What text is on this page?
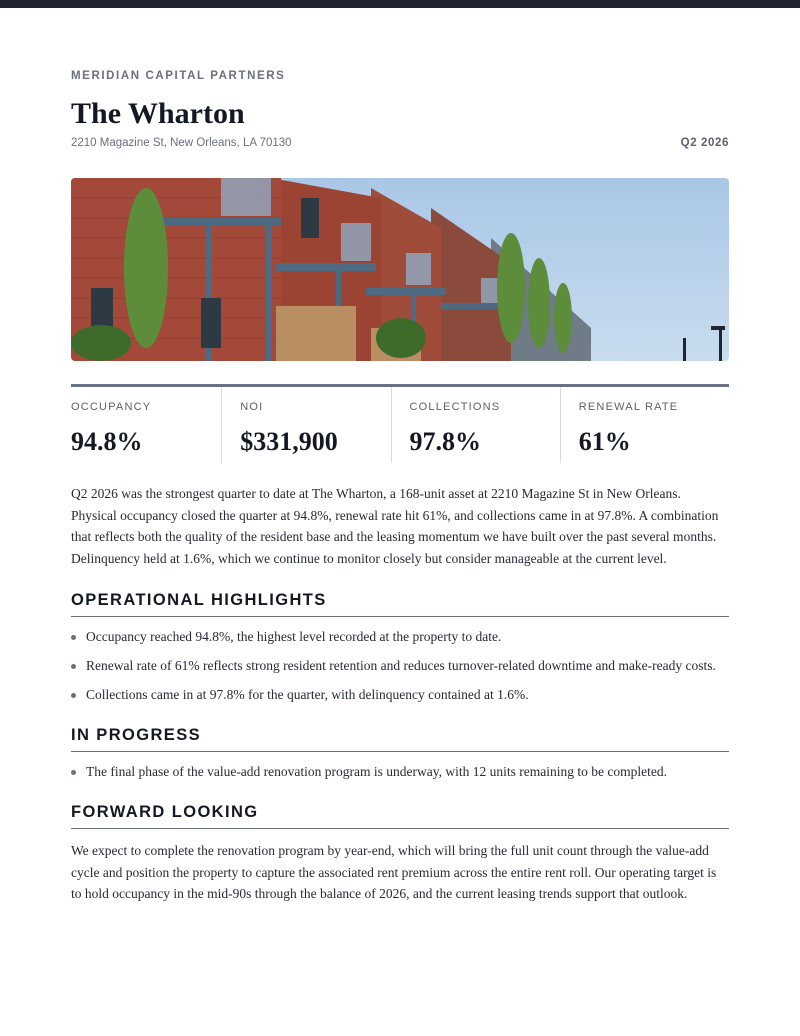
MERIDIAN CAPITAL PARTNERS
The Wharton
2210 Magazine St, New Orleans, LA 70130	Q2 2026
OCCUPANCY
94.8%
NOI
$331,900
COLLECTIONS
97.8%
RENEWAL RATE
61%

Q2 2026 was the strongest quarter to date at The Wharton, a 168-unit asset at 2210 Magazine St in New Orleans. Physical occupancy closed the quarter at 94.8%, renewal rate hit 61%, and collections came in at 97.8%. A combination that reflects both the quality of the resident base and the leasing momentum we have built over the past several months. Delinquency held at 1.6%, which we continue to monitor closely but consider manageable at the current level.

OPERATIONAL HIGHLIGHTS
Occupancy reached 94.8%, the highest level recorded at the property to date.
Renewal rate of 61% reflects strong resident retention and reduces turnover-related downtime and make-ready costs.
Collections came in at 97.8% for the quarter, with delinquency contained at 1.6%.
IN PROGRESS
The final phase of the value-add renovation program is underway, with 12 units remaining to be completed.
FORWARD LOOKING

We expect to complete the renovation program by year-end, which will bring the full unit count through the value-add cycle and position the property to capture the associated rent premium across the entire rent roll. Our operating target is to hold occupancy in the mid-90s through the balance of 2026, and the current leasing trends support that outlook.
